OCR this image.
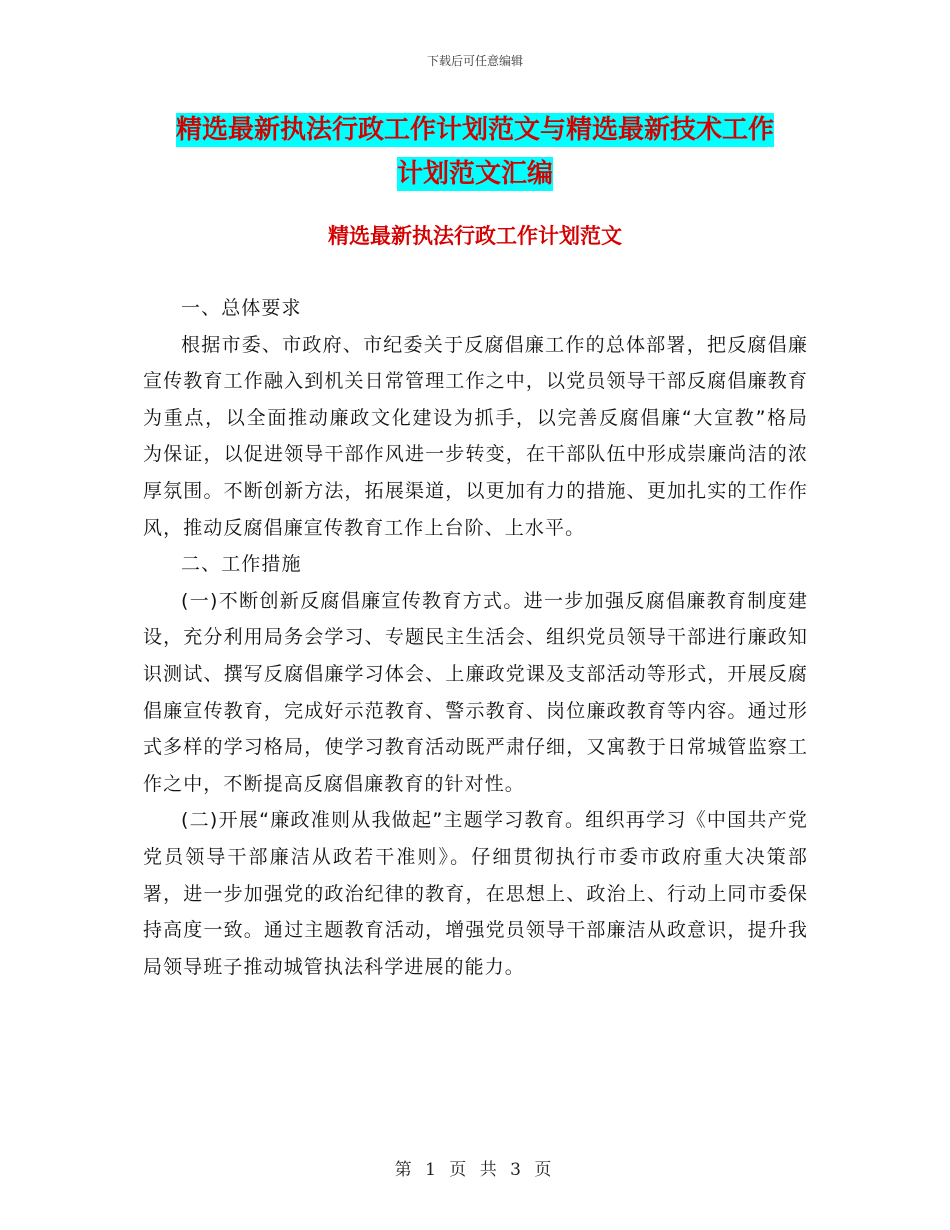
下载后可任意编辑
精选最新执法行政工作计划范文与精选最新技术工作
计划范文汇编
精选最新执法行政工作计划范文

一、总体要求

根据市委、市政府、市纪委关于反腐倡廉工作的总体部署，把反腐倡廉宣传教育工作融入到机关日常管理工作之中，以党员领导干部反腐倡廉教育为重点，以全面推动廉政文化建设为抓手，以完善反腐倡廉“大宣教”格局为保证，以促进领导干部作风进一步转变，在干部队伍中形成崇廉尚洁的浓厚氛围。不断创新方法，拓展渠道，以更加有力的措施、更加扎实的工作作风，推动反腐倡廉宣传教育工作上台阶、上水平。

二、工作措施

(一)不断创新反腐倡廉宣传教育方式。进一步加强反腐倡廉教育制度建设，充分利用局务会学习、专题民主生活会、组织党员领导干部进行廉政知识测试、撰写反腐倡廉学习体会、上廉政党课及支部活动等形式，开展反腐倡廉宣传教育，完成好示范教育、警示教育、岗位廉政教育等内容。通过形式多样的学习格局，使学习教育活动既严肃仔细，又寓教于日常城管监察工作之中，不断提高反腐倡廉教育的针对性。

(二)开展“廉政准则从我做起”主题学习教育。组织再学习《中国共产党党员领导干部廉洁从政若干准则》。仔细贯彻执行市委市政府重大决策部署，进一步加强党的政治纪律的教育，在思想上、政治上、行动上同市委保持高度一致。通过主题教育活动，增强党员领导干部廉洁从政意识，提升我局领导班子推动城管执法科学进展的能力。

第 1 页 共 3 页
